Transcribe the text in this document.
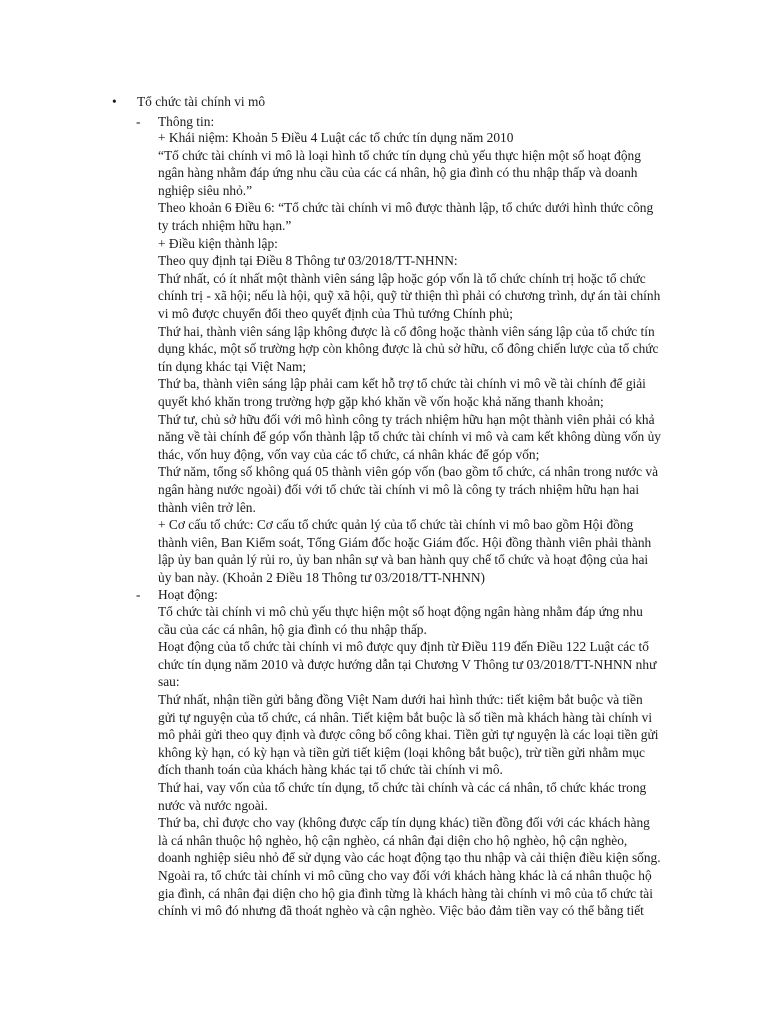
•	Tổ chức tài chính vi mô
- Thông tin:
+ Khái niệm: Khoản 5 Điều 4 Luật các tổ chức tín dụng năm 2010
“Tổ chức tài chính vi mô là loại hình tổ chức tín dụng chủ yếu thực hiện một số hoạt động
ngân hàng nhằm đáp ứng nhu cầu của các cá nhân, hộ gia đình có thu nhập thấp và doanh
nghiệp siêu nhỏ.”
Theo khoản 6 Điều 6: “Tổ chức tài chính vi mô được thành lập, tổ chức dưới hình thức công
ty trách nhiệm hữu hạn.”
+ Điều kiện thành lập:
Theo quy định tại Điều 8 Thông tư 03/2018/TT-NHNN:
Thứ nhất, có ít nhất một thành viên sáng lập hoặc góp vốn là tổ chức chính trị hoặc tổ chức
chính trị - xã hội; nếu là hội, quỹ xã hội, quỹ từ thiện thì phải có chương trình, dự án tài chính
vi mô được chuyển đổi theo quyết định của Thủ tướng Chính phủ;
Thứ hai, thành viên sáng lập không được là cổ đông hoặc thành viên sáng lập của tổ chức tín
dụng khác, một số trường hợp còn không được là chủ sở hữu, cổ đông chiến lược của tổ chức
tín dụng khác tại Việt Nam;
Thứ ba, thành viên sáng lập phải cam kết hỗ trợ tổ chức tài chính vi mô về tài chính để giải
quyết khó khăn trong trường hợp gặp khó khăn về vốn hoặc khả năng thanh khoản;
Thứ tư, chủ sở hữu đối với mô hình công ty trách nhiệm hữu hạn một thành viên phải có khả
năng về tài chính để góp vốn thành lập tổ chức tài chính vi mô và cam kết không dùng vốn ủy
thác, vốn huy động, vốn vay của các tổ chức, cá nhân khác để góp vốn;
Thứ năm, tổng số không quá 05 thành viên góp vốn (bao gồm tổ chức, cá nhân trong nước và
ngân hàng nước ngoài) đối với tổ chức tài chính vi mô là công ty trách nhiệm hữu hạn hai
thành viên trở lên.
+ Cơ cấu tổ chức: Cơ cấu tổ chức quản lý của tổ chức tài chính vi mô bao gồm Hội đồng
thành viên, Ban Kiểm soát, Tổng Giám đốc hoặc Giám đốc. Hội đồng thành viên phải thành
lập ủy ban quản lý rủi ro, ủy ban nhân sự và ban hành quy chế tổ chức và hoạt động của hai
ủy ban này. (Khoản 2 Điều 18 Thông tư 03/2018/TT-NHNN)
- Hoạt động:
Tổ chức tài chính vi mô chủ yếu thực hiện một số hoạt động ngân hàng nhằm đáp ứng nhu
cầu của các cá nhân, hộ gia đình có thu nhập thấp.
Hoạt động của tổ chức tài chính vi mô được quy định từ Điều 119 đến Điều 122 Luật các tổ
chức tín dụng năm 2010 và được hướng dẫn tại Chương V Thông tư 03/2018/TT-NHNN như
sau:
Thứ nhất, nhận tiền gửi bằng đồng Việt Nam dưới hai hình thức: tiết kiệm bắt buộc và tiền
gửi tự nguyện của tổ chức, cá nhân. Tiết kiệm bắt buộc là số tiền mà khách hàng tài chính vi
mô phải gửi theo quy định và được công bố công khai. Tiền gửi tự nguyện là các loại tiền gửi
không kỳ hạn, có kỳ hạn và tiền gửi tiết kiệm (loại không bắt buộc), trừ tiền gửi nhằm mục
đích thanh toán của khách hàng khác tại tổ chức tài chính vi mô.
Thứ hai, vay vốn của tổ chức tín dụng, tổ chức tài chính và các cá nhân, tổ chức khác trong
nước và nước ngoài.
Thứ ba, chỉ được cho vay (không được cấp tín dụng khác) tiền đồng đối với các khách hàng
là cá nhân thuộc hộ nghèo, hộ cận nghèo, cá nhân đại diện cho hộ nghèo, hộ cận nghèo,
doanh nghiệp siêu nhỏ để sử dụng vào các hoạt động tạo thu nhập và cải thiện điều kiện sống.
Ngoài ra, tổ chức tài chính vi mô cũng cho vay đối với khách hàng khác là cá nhân thuộc hộ
gia đình, cá nhân đại diện cho hộ gia đình từng là khách hàng tài chính vi mô của tổ chức tài
chính vi mô đó nhưng đã thoát nghèo và cận nghèo. Việc bảo đảm tiền vay có thể bằng tiết
